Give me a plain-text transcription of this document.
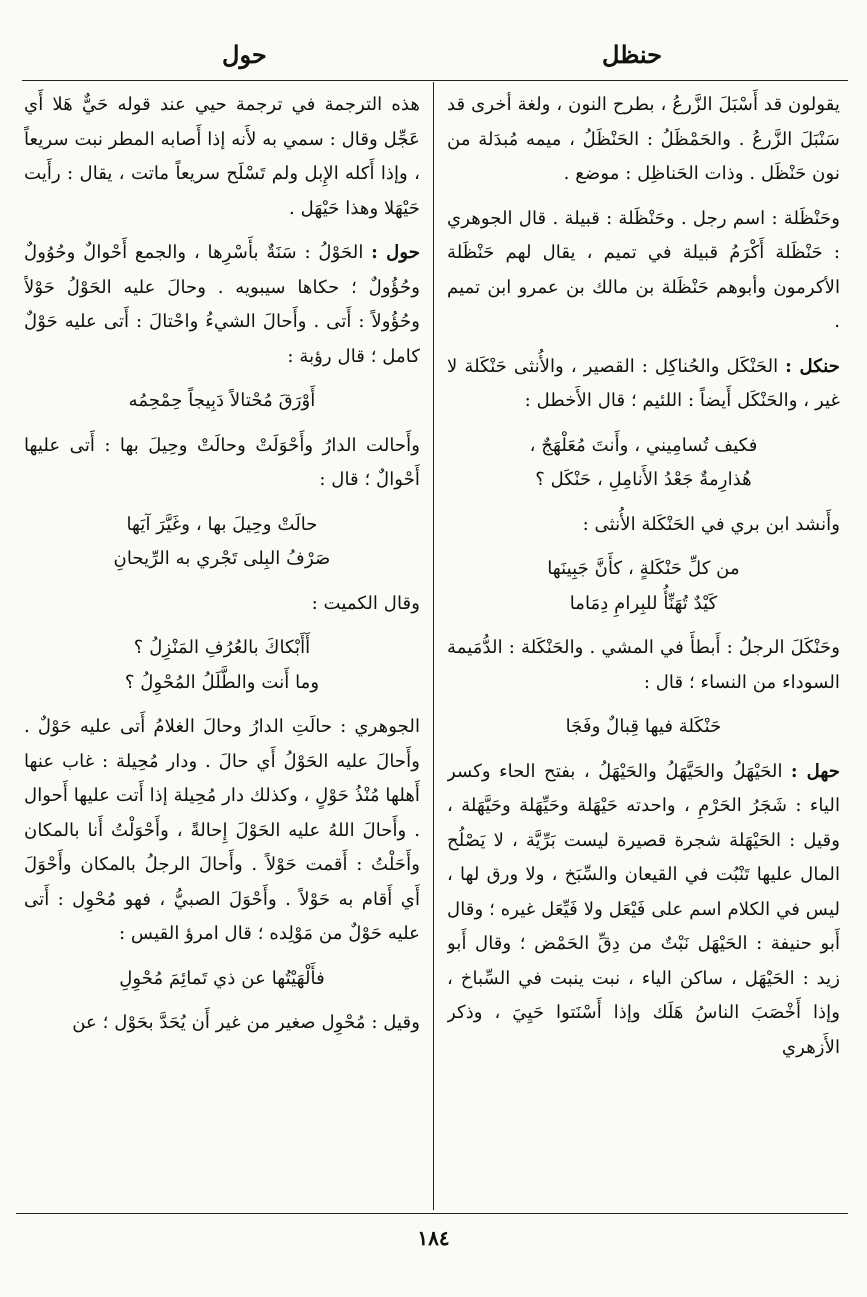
حنظل
حول

يقولون قد أَسْبَلَ الزَّرعُ ، بطرح النون ، ولغة أخرى قد سَنْبَلَ الزَّرعُ . والحَمْظَلُ : الحَنْظَلُ ، ميمه مُبدَلة من نون حَنْظَل . وذات الحَناظِل : موضع .

وحَنْظَلة : اسم رجل . وحَنْظَلة : قبيلة . قال الجوهري : حَنْظَلة أَكْرَمُ قبيلة في تميم ، يقال لهم حَنْظَلة الأكرمون وأبوهم حَنْظَلة بن مالك بن عمرو ابن تميم .

حنكل : الحَنْكَل والحُناكِل : القصير ، والأُنثى حَنْكَلة لا غير ، والحَنْكَل أَيضاً : اللئيم ؛ قال الأَخطل :

فكيف تُسامِيني ، وأَنتَ مُعَلْهَجٌ ،
هُذارِمةٌ جَعْدُ الأَنامِلِ ، حَنْكَل ؟

وأَنشد ابن بري في الحَنْكَلة الأُنثى :

من كلِّ حَنْكَلةٍ ، كأَنَّ جَبِينَها
كَيْدٌ تُهَنِّأُ للبِرامِ دِمَاما

وحَنْكَلَ الرجلُ : أَبطأَ في المشي . والحَنْكَلة : الدُّمَيمة السوداء من النساء ؛ قال :

حَنْكَلة فيها قِبالٌ وفَجَا

حهل : الحَيْهَلُ والحَيَّهَلُ والحَيْهَلُ ، بفتح الحاء وكسر الياء : شَجَرُ الحَرْمِ ، واحدته حَيْهَلة وحَيِّهَلة وحَيَّهَلة ، وقيل : الحَيْهَلة شجرة قصيرة ليست بَرِّيَّة ، لا يَصْلُح المال عليها تَنْبُت في القيعان والسِّبَخ ، ولا ورق لها ، ليس في الكلام اسم على فَيْعَل ولا فَيِّعَل غيره ؛ وقال أَبو حنيفة : الحَيْهَل نَبْتٌ من دِقِّ الحَمْض ؛ وقال أَبو زيد : الحَيْهَل ، ساكن الياء ، نبت ينبت في السِّباخ ، وإذا أَخْصَبَ الناسُ هَلَك وإذا أَسْنَتوا حَيِيَ ، وذكر الأَزهري

هذه الترجمة في ترجمة حيي عند قوله حَيٌّ هَلا أَي عَجِّل وقال : سمي به لأَنه إذا أَصابه المطر نبت سريعاً ، وإذا أَكله الإِبل ولم تَسْلَح سريعاً ماتت ، يقال : رأَيت حَيْهَلا وهذا حَيْهَل .

حول : الحَوْلُ : سَنَةٌ بأَسْرِها ، والجمع أَحْوالٌ وحُوُولٌ وحُؤُولٌ ؛ حكاها سيبويه . وحالَ عليه الحَوْلُ حَوْلاً وحُؤُولاً : أَتى . وأَحالَ الشيءُ واحْتالَ : أَتى عليه حَوْلٌ كامل ؛ قال رؤبة :

أَوْرَقَ مُحْتالاً دَبِيجاً حِمْحِمُه

وأَحالت الدارُ وأَحْوَلَتْ وحالَتْ وحِيلَ بها : أَتى عليها أَحْوالٌ ؛ قال :

حالَتْ وحِيلَ بها ، وغَيَّرَ آيَها
صَرْفُ البِلى تَجْري به الرِّيحانِ

وقال الكميت :

أَأَبْكاكَ بالعُرُفِ المَنْزِلُ ؟
وما أَنت والطَّلَلُ المُحْوِلُ ؟

الجوهري : حالَتِ الدارُ وحالَ الغلامُ أَتى عليه حَوْلٌ . وأَحالَ عليه الحَوْلُ أَي حالَ . ودار مُحِيلة : غاب عنها أَهلها مُنْذُ حَوْلٍ ، وكذلك دار مُحِيلة إذا أَتت عليها أَحوال . وأَحالَ اللهُ عليه الحَوْلَ إِحالةً ، وأَحْوَلْتُ أَنا بالمكان وأَحَلْتُ : أَقمت حَوْلاً . وأَحالَ الرجلُ بالمكان وأَحْوَلَ أَي أَقام به حَوْلاً . وأَحْوَلَ الصبيُّ ، فهو مُحْوِل : أَتى عليه حَوْلٌ من مَوْلِده ؛ قال امرؤ القيس :

فأَلْهَيْتُها عن ذي تَمائِمَ مُحْوِلِ

وقيل : مُحْوِل صغير من غير أَن يُحَدَّ بحَوْل ؛ عن

١٨٤
